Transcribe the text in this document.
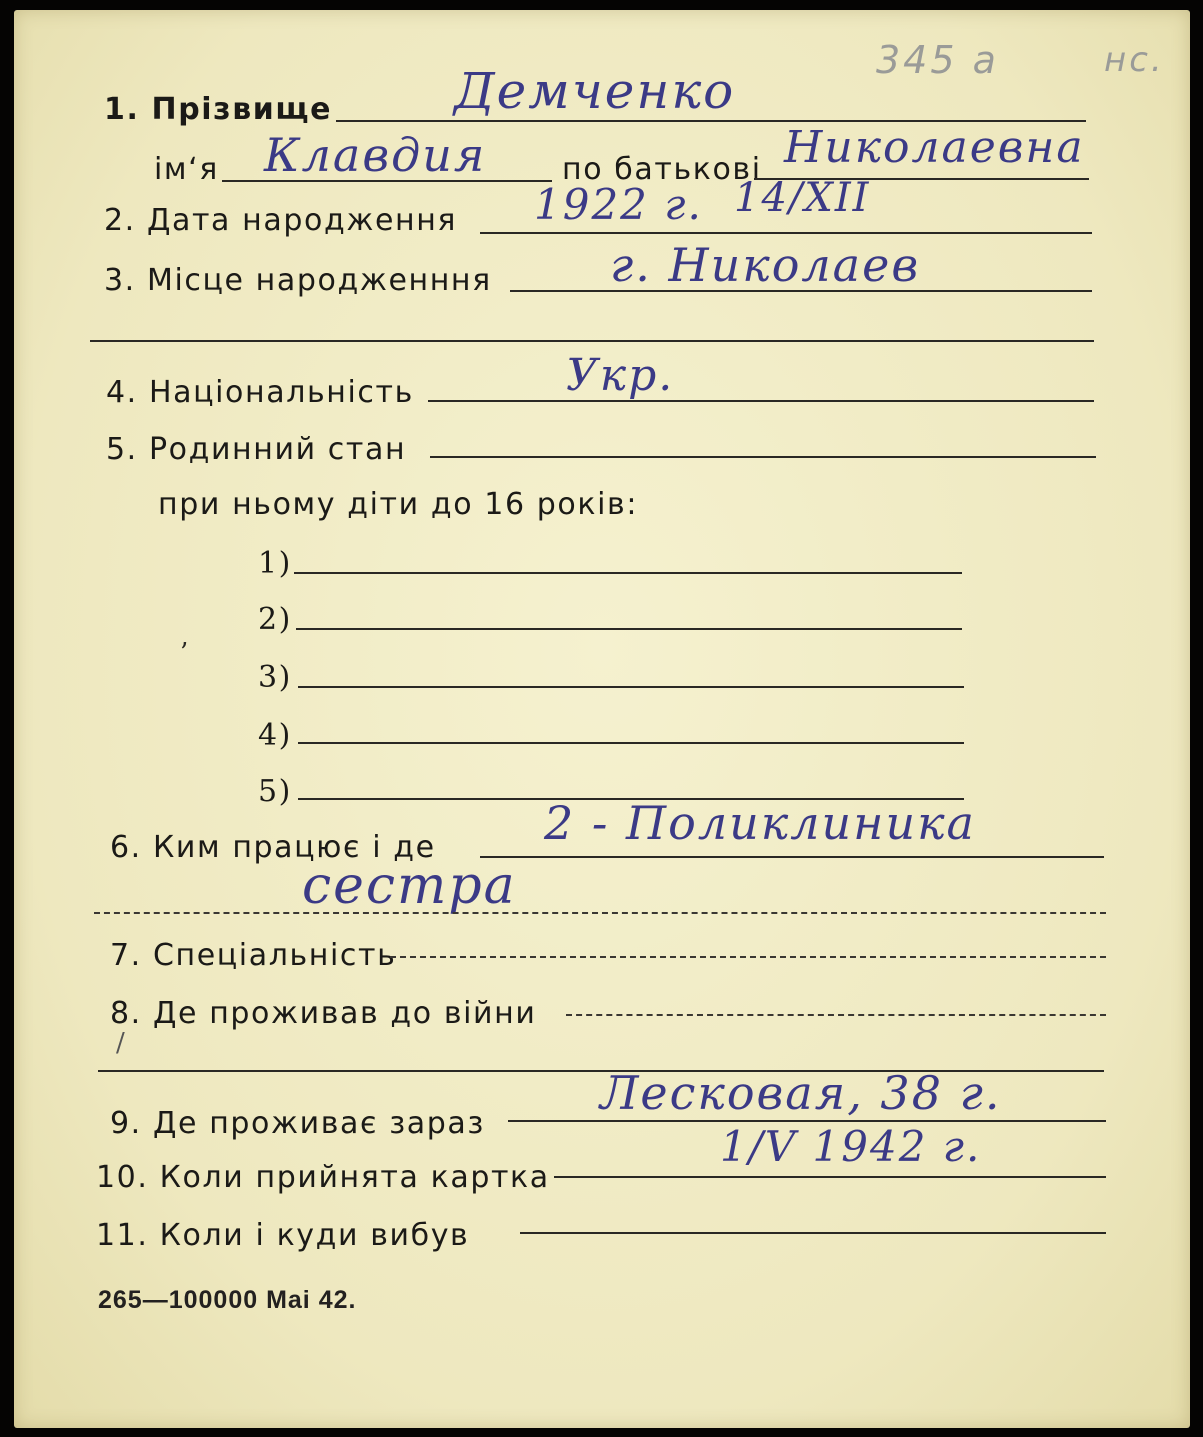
345 а	нс.
1. Прізвище Демченко
ім‘я Клавдия	по батькові Николаевна
2. Дата народження 1922 г. 14/XII
3. Місце народженння	г. Николаев
4. Національність	Укр.
5. Родинний стан
при ньому діти до 16 років:
1)
2)
3)
4)
5)
’
6. Ким працює і де 2 - Поликлиника
сестра
7. Спеціальність
8. Де проживав до війни
/
9. Де проживає зараз
Лесковая, 38 г.
10. Коли прийнята картка
1/V 1942 г.
11. Коли і куди вибув
265—100000 Mai 42.
